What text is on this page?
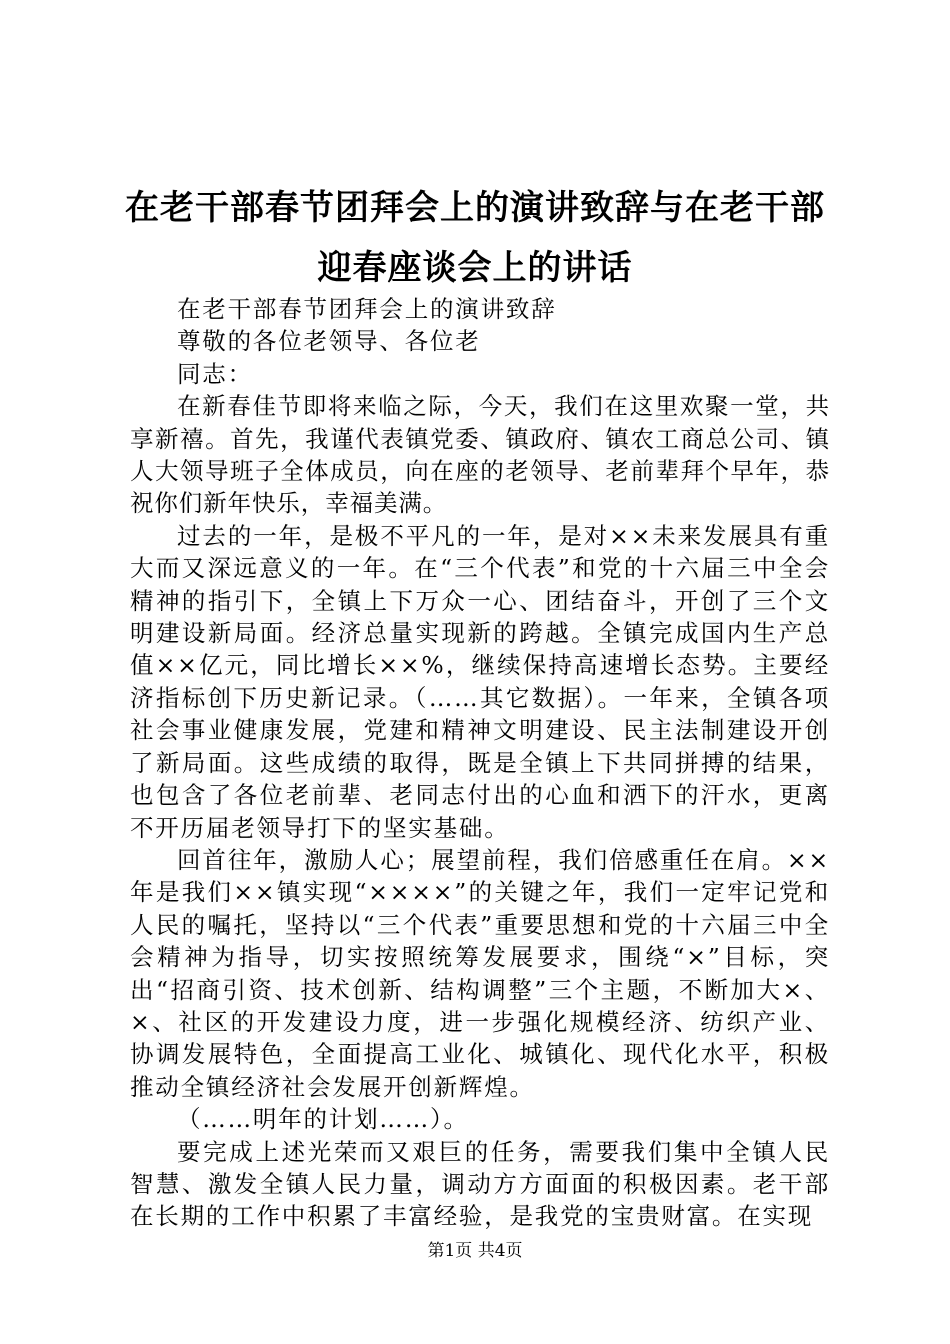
在老干部春节团拜会上的演讲致辞与在老干部
迎春座谈会上的讲话

在老干部春节团拜会上的演讲致辞

尊敬的各位老领导、各位老

同志：

在新春佳节即将来临之际，今天，我们在这里欢聚一堂，共享新禧。首先，我谨代表镇党委、镇政府、镇农工商总公司、镇人大领导班子全体成员，向在座的老领导、老前辈拜个早年，恭祝你们新年快乐，幸福美满。

过去的一年，是极不平凡的一年，是对××未来发展具有重大而又深远意义的一年。在“三个代表”和党的十六届三中全会精神的指引下，全镇上下万众一心、团结奋斗，开创了三个文明建设新局面。经济总量实现新的跨越。全镇完成国内生产总值××亿元，同比增长××%，继续保持高速增长态势。主要经济指标创下历史新记录。（……其它数据）。一年来，全镇各项社会事业健康发展，党建和精神文明建设、民主法制建设开创了新局面。这些成绩的取得，既是全镇上下共同拼搏的结果，也包含了各位老前辈、老同志付出的心血和洒下的汗水，更离不开历届老领导打下的坚实基础。

回首往年，激励人心；展望前程，我们倍感重任在肩。××年是我们××镇实现“××××”的关键之年，我们一定牢记党和人民的嘱托，坚持以“三个代表”重要思想和党的十六届三中全会精神为指导，切实按照统筹发展要求，围绕“×”目标，突出“招商引资、技术创新、结构调整”三个主题，不断加大×、×、社区的开发建设力度，进一步强化规模经济、纺织产业、协调发展特色，全面提高工业化、城镇化、现代化水平，积极推动全镇经济社会发展开创新辉煌。

（……明年的计划……）。

要完成上述光荣而又艰巨的任务，需要我们集中全镇人民智慧、激发全镇人民力量，调动方方面面的积极因素。老干部在长期的工作中积累了丰富经验，是我党的宝贵财富。在实现

第1页 共4页
